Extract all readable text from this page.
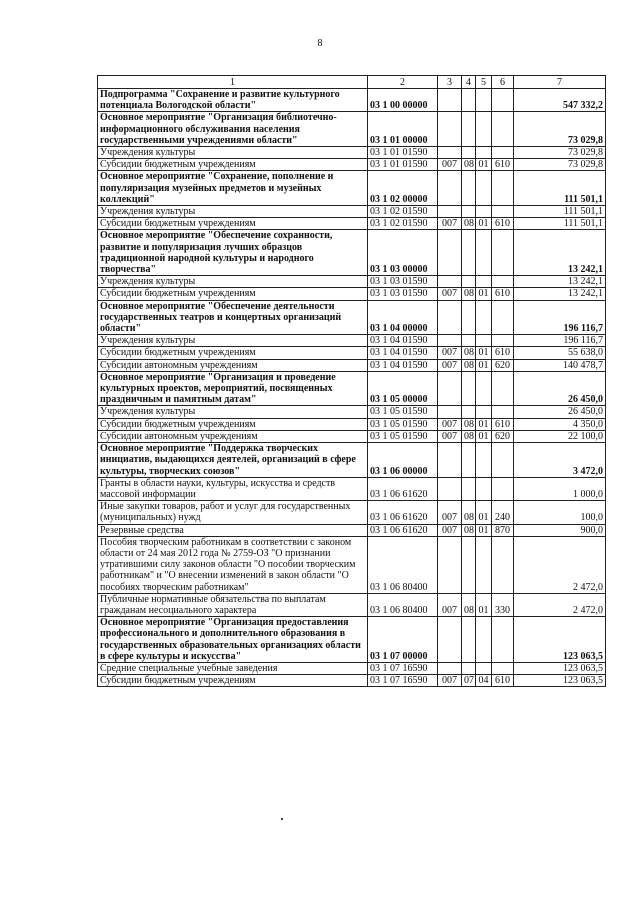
8
1	2	3	4	5	6	7
Подпрограмма "Сохранение и развитие культурного потенциала Вологодской области"	03 1 00 00000					547 332,2
Основное мероприятие "Организация библиотечно-информационного обслуживания населения государственными учреждениями области"	03 1 01 00000					73 029,8
Учреждения культуры	03 1 01 01590					73 029,8
Субсидии бюджетным учреждениям	03 1 01 01590	007	08	01	610	73 029,8
Основное мероприятие "Сохранение, пополнение и популяризация музейных предметов и музейных коллекций"	03 1 02 00000					111 501,1
Учреждения культуры	03 1 02 01590					111 501,1
Субсидии бюджетным учреждениям	03 1 02 01590	007	08	01	610	111 501,1
Основное мероприятие "Обеспечение сохранности, развитие и популяризация лучших образцов традиционной народной культуры и народного творчества"	03 1 03 00000					13 242,1
Учреждения культуры	03 1 03 01590					13 242,1
Субсидии бюджетным учреждениям	03 1 03 01590	007	08	01	610	13 242,1
Основное мероприятие "Обеспечение деятельности государственных театров и концертных организаций области"	03 1 04 00000					196 116,7
Учреждения культуры	03 1 04 01590					196 116,7
Субсидии бюджетным учреждениям	03 1 04 01590	007	08	01	610	55 638,0
Субсидии автономным учреждениям	03 1 04 01590	007	08	01	620	140 478,7
Основное мероприятие "Организация и проведение культурных проектов, мероприятий, посвященных праздничным и памятным датам"	03 1 05 00000					26 450,0
Учреждения культуры	03 1 05 01590					26 450,0
Субсидии бюджетным учреждениям	03 1 05 01590	007	08	01	610	4 350,0
Субсидии автономным учреждениям	03 1 05 01590	007	08	01	620	22 100,0
Основное мероприятие "Поддержка творческих инициатив, выдающихся деятелей, организаций в сфере культуры, творческих союзов"	03 1 06 00000					3 472,0
Гранты в области науки, культуры, искусства и средств массовой информации	03 1 06 61620					1 000,0
Иные закупки товаров, работ и услуг для государственных (муниципальных) нужд	03 1 06 61620	007	08	01	240	100,0
Резервные средства	03 1 06 61620	007	08	01	870	900,0
Пособия творческим работникам в соответствии с законом области от 24 мая 2012 года № 2759-ОЗ "О признании утратившими силу законов области "О пособии творческим работникам" и "О внесении изменений в закон области "О пособиях творческим работникам"	03 1 06 80400					2 472,0
Публичные нормативные обязательства по выплатам гражданам несоциального характера	03 1 06 80400	007	08	01	330	2 472,0
Основное мероприятие "Организация предоставления профессионального и дополнительного образования в государственных образовательных организациях области в сфере культуры и искусства"	03 1 07 00000					123 063,5
Средние специальные учебные заведения	03 1 07 16590					123 063,5
Субсидии бюджетным учреждениям	03 1 07 16590	007	07	04	610	123 063,5
